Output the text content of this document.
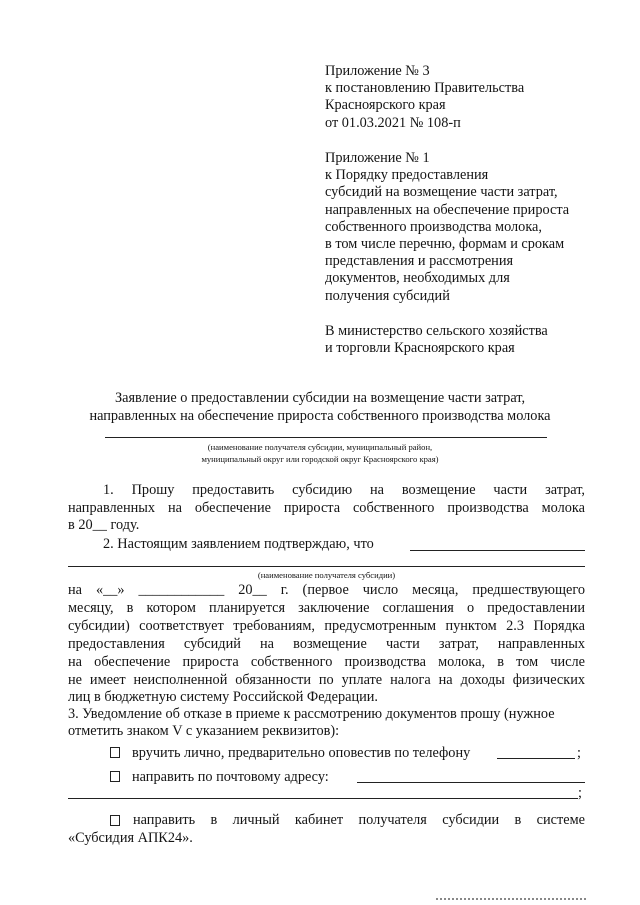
Приложение № 3
к постановлению Правительства
Красноярского края
от 01.03.2021 № 108-п
Приложение № 1
к Порядку предоставления
субсидий на возмещение части затрат,
направленных на обеспечение прироста
собственного производства молока,
в том числе перечню, формам и срокам
представления и рассмотрения
документов, необходимых для
получения субсидий
В министерство сельского хозяйства
и торговли Красноярского края
Заявление о предоставлении субсидии на возмещение части затрат,
направленных на обеспечение прироста собственного производства молока
(наименование получателя субсидии, муниципальный район,
муниципальный округ или городской округ Красноярского края)
1. Прошу предоставить субсидию на возмещение части затрат,
направленных на обеспечение прироста собственного производства молока
в 20__ году.
2. Настоящим заявлением подтверждаю, что
(наименование получателя субсидии)
на «__» ____________ 20__ г. (первое число месяца, предшествующего
месяцу, в котором планируется заключение соглашения о предоставлении
субсидии) соответствует требованиям, предусмотренным пунктом 2.3 Порядка
предоставления субсидий на возмещение части затрат, направленных
на обеспечение прироста собственного производства молока, в том числе
не имеет неисполненной обязанности по уплате налога на доходы физических
лиц в бюджетную систему Российской Федерации.
3. Уведомление об отказе в приеме к рассмотрению документов прошу (нужное
отметить знаком V с указанием реквизитов):
вручить лично, предварительно оповестив по телефону	;
направить по почтовому адресу:
;
направить в личный кабинет получателя субсидии в системе
«Субсидия АПК24».
